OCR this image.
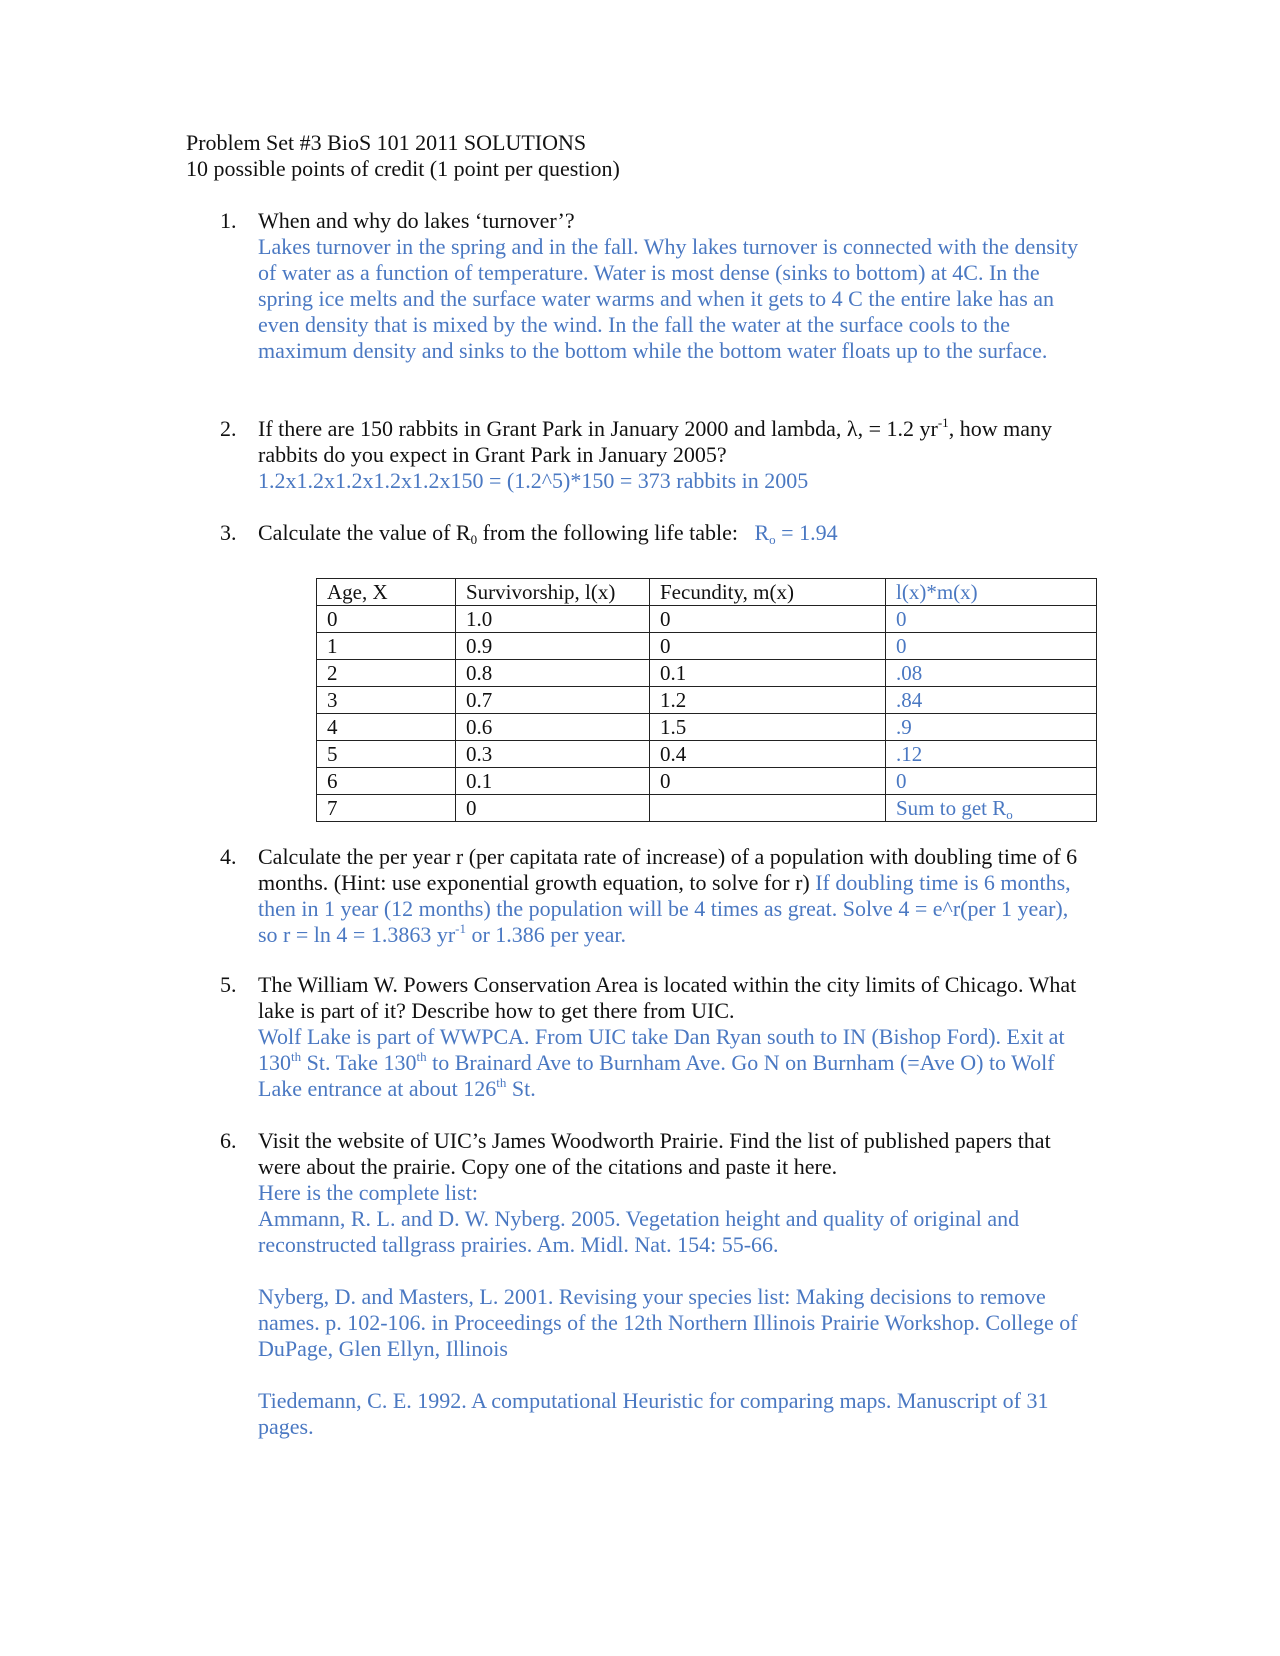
Problem Set #3 BioS 101 2011 SOLUTIONS
10 possible points of credit (1 point per question)
1. When and why do lakes ‘turnover’?
Lakes turnover in the spring and in the fall. Why lakes turnover is connected with the density of water as a function of temperature. Water is most dense (sinks to bottom) at 4C. In the spring ice melts and the surface water warms and when it gets to 4 C the entire lake has an even density that is mixed by the wind. In the fall the water at the surface cools to the maximum density and sinks to the bottom while the bottom water floats up to the surface.
2. If there are 150 rabbits in Grant Park in January 2000 and lambda, λ, = 1.2 $yr^{-1}$, how many rabbits do you expect in Grant Park in January 2005?
1.2x1.2x1.2x1.2x1.2x150 = (1.2^5)*150 = 373 rabbits in 2005
3. Calculate the value of $R_0$ from the following life table: $R_o = 1.94$
Age, X	Survivorship, l(x)	Fecundity, m(x)	l(x)*m(x)
0	1.0	0	0
1	0.9	0	0
2	0.8	0.1	.08
3	0.7	1.2	.84
4	0.6	1.5	.9
5	0.3	0.4	.12
6	0.1	0	0
7	0		Sum to get $R_o$
4. Calculate the per year r (per capitata rate of increase) of a population with doubling time of 6 months. (Hint: use exponential growth equation, to solve for r) If doubling time is 6 months, then in 1 year (12 months) the population will be 4 times as great. Solve 4 = e^r(per 1 year), so r = ln 4 = 1.3863 $yr^{-1}$ or 1.386 per year.
5. The William W. Powers Conservation Area is located within the city limits of Chicago. What lake is part of it? Describe how to get there from UIC.
Wolf Lake is part of WWPCA. From UIC take Dan Ryan south to IN (Bishop Ford). Exit at 130th St. Take 130th to Brainard Ave to Burnham Ave. Go N on Burnham (=Ave O) to Wolf Lake entrance at about 126th St.
6. Visit the website of UIC’s James Woodworth Prairie. Find the list of published papers that were about the prairie. Copy one of the citations and paste it here.
Here is the complete list:
Ammann, R. L. and D. W. Nyberg. 2005. Vegetation height and quality of original and reconstructed tallgrass prairies. Am. Midl. Nat. 154: 55-66.
Nyberg, D. and Masters, L. 2001. Revising your species list: Making decisions to remove names. p. 102-106. in Proceedings of the 12th Northern Illinois Prairie Workshop. College of DuPage, Glen Ellyn, Illinois
Tiedemann, C. E. 1992. A computational Heuristic for comparing maps. Manuscript of 31 pages.
